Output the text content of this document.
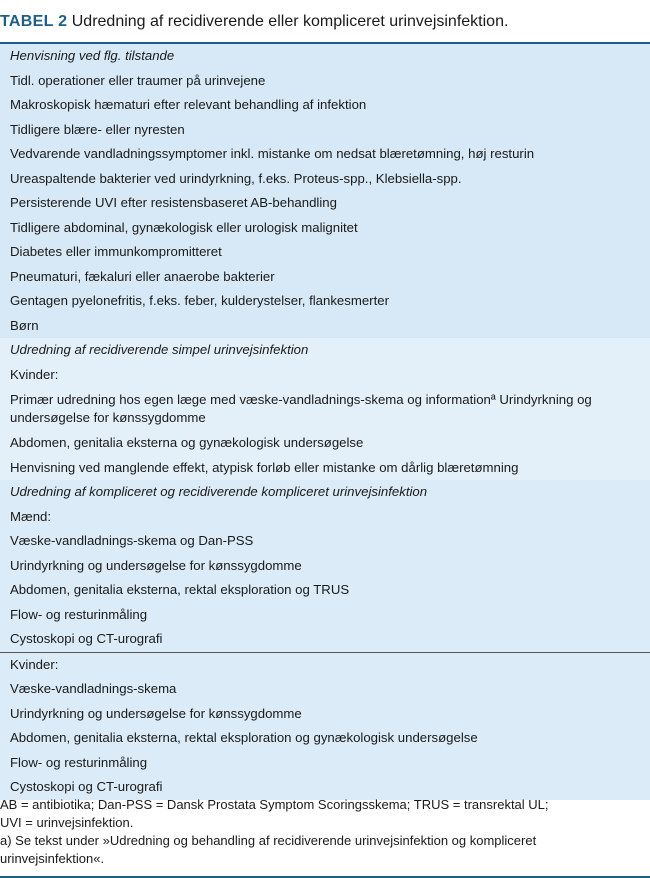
TABEL 2 Udredning af recidiverende eller kompliceret urinvejsinfektion.
Henvisning ved flg. tilstande
Tidl. operationer eller traumer på urinvejene
Makroskopisk hæmaturi efter relevant behandling af infektion
Tidligere blære- eller nyresten
Vedvarende vandladningssymptomer inkl. mistanke om nedsat blæretømning, høj resturin
Ureaspaltende bakterier ved urindyrkning, f.eks. Proteus-spp., Klebsiella-spp.
Persisterende UVI efter resistensbaseret AB-behandling
Tidligere abdominal, gynækologisk eller urologisk malignitet
Diabetes eller immunkompromitteret
Pneumaturi, fækaluri eller anaerobe bakterier
Gentagen pyelonefritis, f.eks. feber, kulderystelser, flankesmerter
Børn
Udredning af recidiverende simpel urinvejsinfektion
Kvinder:
Primær udredning hos egen læge med væske-vandladnings-skema og informationª Urindyrkning og undersøgelse for kønssygdomme
Abdomen, genitalia eksterna og gynækologisk undersøgelse
Henvisning ved manglende effekt, atypisk forløb eller mistanke om dårlig blæretømning
Udredning af kompliceret og recidiverende kompliceret urinvejsinfektion
Mænd:
Væske-vandladnings-skema og Dan-PSS
Urindyrkning og undersøgelse for kønssygdomme
Abdomen, genitalia eksterna, rektal eksploration og TRUS
Flow- og resturinmåling
Cystoskopi og CT-urografi
Kvinder:
Væske-vandladnings-skema
Urindyrkning og undersøgelse for kønssygdomme
Abdomen, genitalia eksterna, rektal eksploration og gynækologisk undersøgelse
Flow- og resturinmåling
Cystoskopi og CT-urografi
AB = antibiotika; Dan-PSS = Dansk Prostata Symptom Scoringsskema; TRUS = transrektal UL;
UVI = urinvejsinfektion.
a) Se tekst under »Udredning og behandling af recidiverende urinvejsinfektion og kompliceret
urinvejsinfektion«.
